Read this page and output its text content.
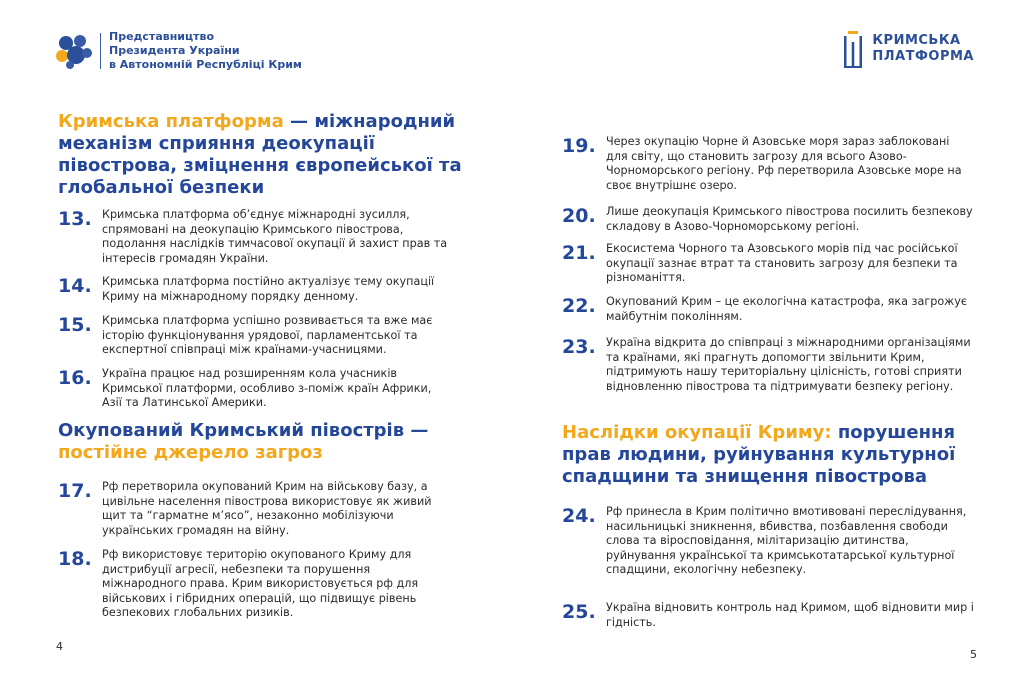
Представництво
Президента України
в Автономній Республіці Крим
Кримська платформа — міжнародний механізм сприяння деокупації півострова, зміцнення європейської та глобальної безпеки
13. Кримська платформа об’єднує міжнародні зусилля, спрямовані на деокупацію Кримського півострова, подолання наслідків тимчасової окупації й захист прав та інтересів громадян України.
14. Кримська платформа постійно актуалізує тему окупації Криму на міжнародному порядку денному.
15. Кримська платформа успішно розвивається та вже має історію функціонування урядової, парламентської та експертної співпраці між країнами-учасницями.
16. Україна працює над розширенням кола учасників Кримської платформи, особливо з-поміж країн Африки, Азії та Латинської Америки.
Окупований Кримський півострів —
постійне джерело загроз
17. Рф перетворила окупований Крим на військову базу, а цивільне населення півострова використовує як живий щит та “гарматне м’ясо”, незаконно мобілізуючи українських громадян на війну.
18. Рф використовує територію окупованого Криму для дистрибуції агресії, небезпеки та порушення міжнародного права. Крим використовується рф для військових і гібридних операцій, що підвищує рівень безпекових глобальних ризиків.
4
КРИМСЬКА
ПЛАТФОРМА
19. Через окупацію Чорне й Азовське моря зараз заблоковані для світу, що становить загрозу для всього Азово-Чорноморського регіону. Рф перетворила Азовське море на своє внутрішнє озеро.
20. Лише деокупація Кримського півострова посилить безпекову складову в Азово-Чорноморському регіоні.
21. Екосистема Чорного та Азовського морів під час російської окупації зазнає втрат та становить загрозу для безпеки та різноманіття.
22. Окупований Крим – це екологічна катастрофа, яка загрожує майбутнім поколінням.
23. Україна відкрита до співпраці з міжнародними організаціями та країнами, які прагнуть допомогти звільнити Крим, підтримують нашу територіальну цілісність, готові сприяти відновленню півострова та підтримувати безпеку регіону.
Наслідки окупації Криму: порушення прав людини, руйнування культурної спадщини та знищення півострова
24. Рф принесла в Крим політично вмотивовані переслідування, насильницькі зникнення, вбивства, позбавлення свободи слова та віросповідання, мілітаризацію дитинства, руйнування української та кримськотатарської культурної спадщини, екологічну небезпеку.
25. Україна відновить контроль над Кримом, щоб відновити мир і гідність.
5
